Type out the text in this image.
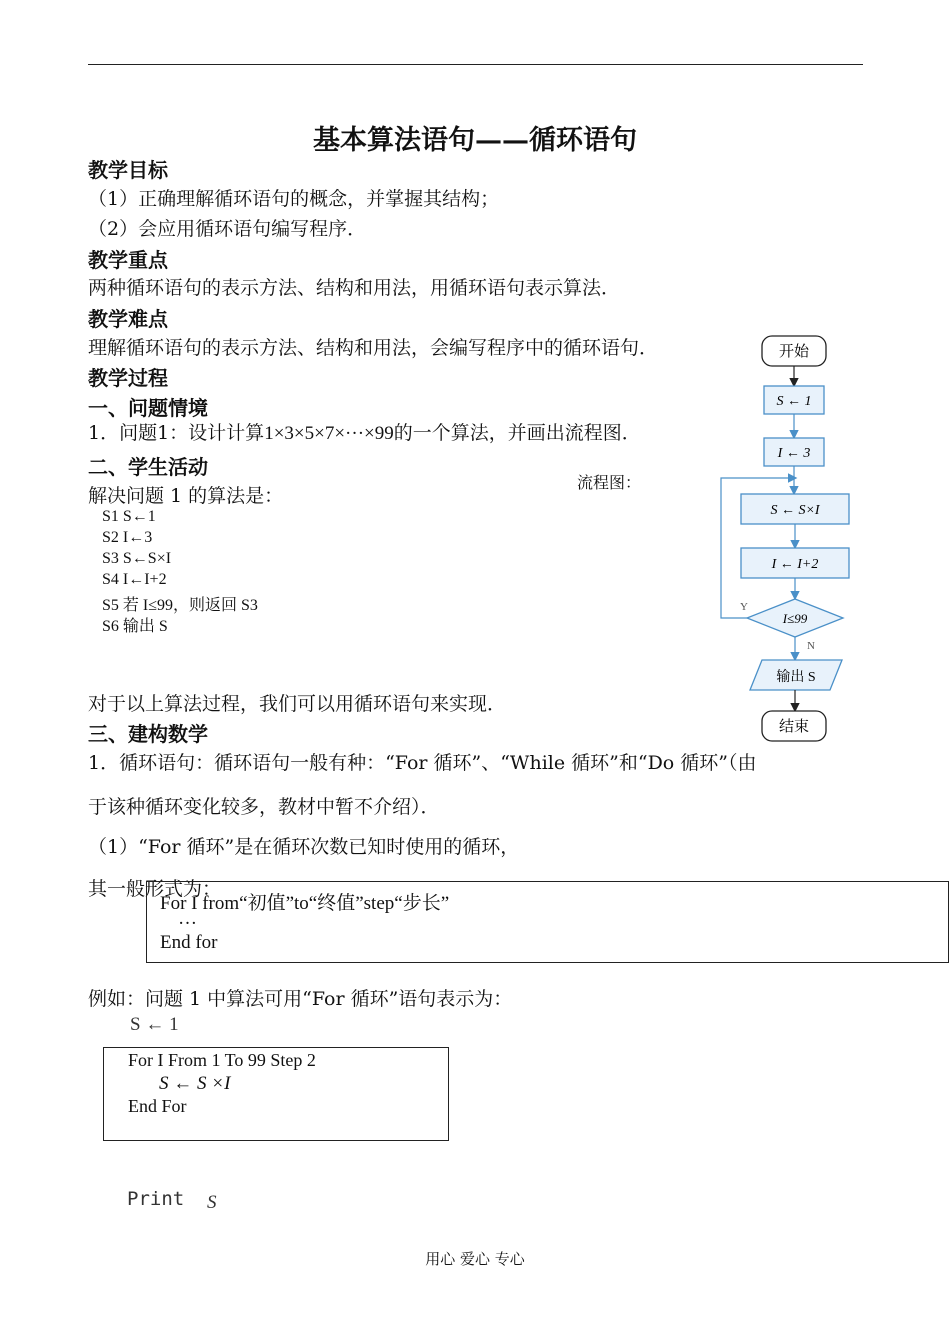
基本算法语句——循环语句
教学目标
（1）正确理解循环语句的概念，并掌握其结构；
（2）会应用循环语句编写程序．
教学重点
两种循环语句的表示方法、结构和用法，用循环语句表示算法．
教学难点
理解循环语句的表示方法、结构和用法，会编写程序中的循环语句．
教学过程
一、问题情境
1．问题1：设计计算1×3×5×7×···×99的一个算法，并画出流程图．
二、学生活动
解决问题 1 的算法是：
流程图：
S1 S←1
S2 I←3
S3 S←S×I
S4 I←I+2
S5 若 I≤99，则返回 S3
S6 输出 S
对于以上算法过程，我们可以用循环语句来实现．
开始
S ← 1
I ← 3
S ← S×I
I ← I+2
I≤99
Y
N
输出 S
结束
三、建构数学
1．循环语句：循环语句一般有种：“For 循环”、“While 循环”和“Do 循环”（由
于该种循环变化较多，教材中暂不介绍）．
（1）“For 循环”是在循环次数已知时使用的循环，
其一般形式为：
For I from“初值”to“终值”step“步长”
…
End for
例如：问题 1 中算法可用“For 循环”语句表示为：
S ← 1
For I From 1 To 99 Step 2
S ← S ×I
End For
Print S
用心 爱心 专心
